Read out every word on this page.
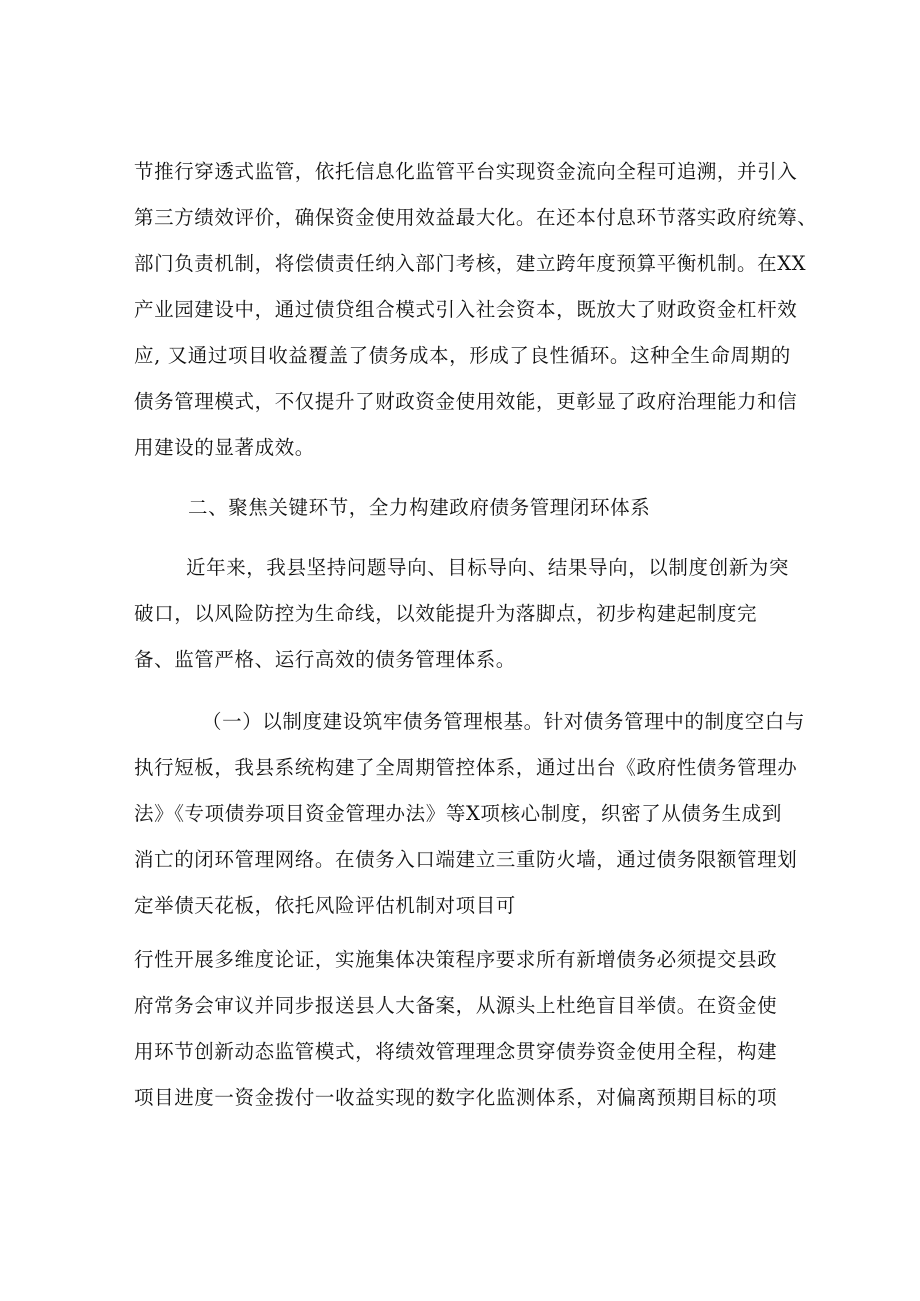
节推行穿透式监管，依托信息化监管平台实现资金流向全程可追溯，并引入
第三方绩效评价，确保资金使用效益最大化。在还本付息环节落实政府统筹、
部门负责机制，将偿债责任纳入部门考核，建立跨年度预算平衡机制。在XX
产业园建设中，通过债贷组合模式引入社会资本，既放大了财政资金杠杆效
应, 又通过项目收益覆盖了债务成本，形成了良性循环。这种全生命周期的
债务管理模式，不仅提升了财政资金使用效能，更彰显了政府治理能力和信
用建设的显著成效。
二、聚焦关键环节，全力构建政府债务管理闭环体系
近年来，我县坚持问题导向、目标导向、结果导向，以制度创新为突
破口，以风险防控为生命线，以效能提升为落脚点，初步构建起制度完
备、监管严格、运行高效的债务管理体系。
（一）以制度建设筑牢债务管理根基。针对债务管理中的制度空白与
执行短板，我县系统构建了全周期管控体系，通过出台《政府性债务管理办
法》《专项债券项目资金管理办法》等X项核心制度，织密了从债务生成到
消亡的闭环管理网络。在债务入口端建立三重防火墙，通过债务限额管理划
定举债天花板，依托风险评估机制对项目可
行性开展多维度论证，实施集体决策程序要求所有新增债务必须提交县政
府常务会审议并同步报送县人大备案，从源头上杜绝盲目举债。在资金使
用环节创新动态监管模式，将绩效管理理念贯穿债券资金使用全程，构建
项目进度一资金拨付一收益实现的数字化监测体系，对偏离预期目标的项
